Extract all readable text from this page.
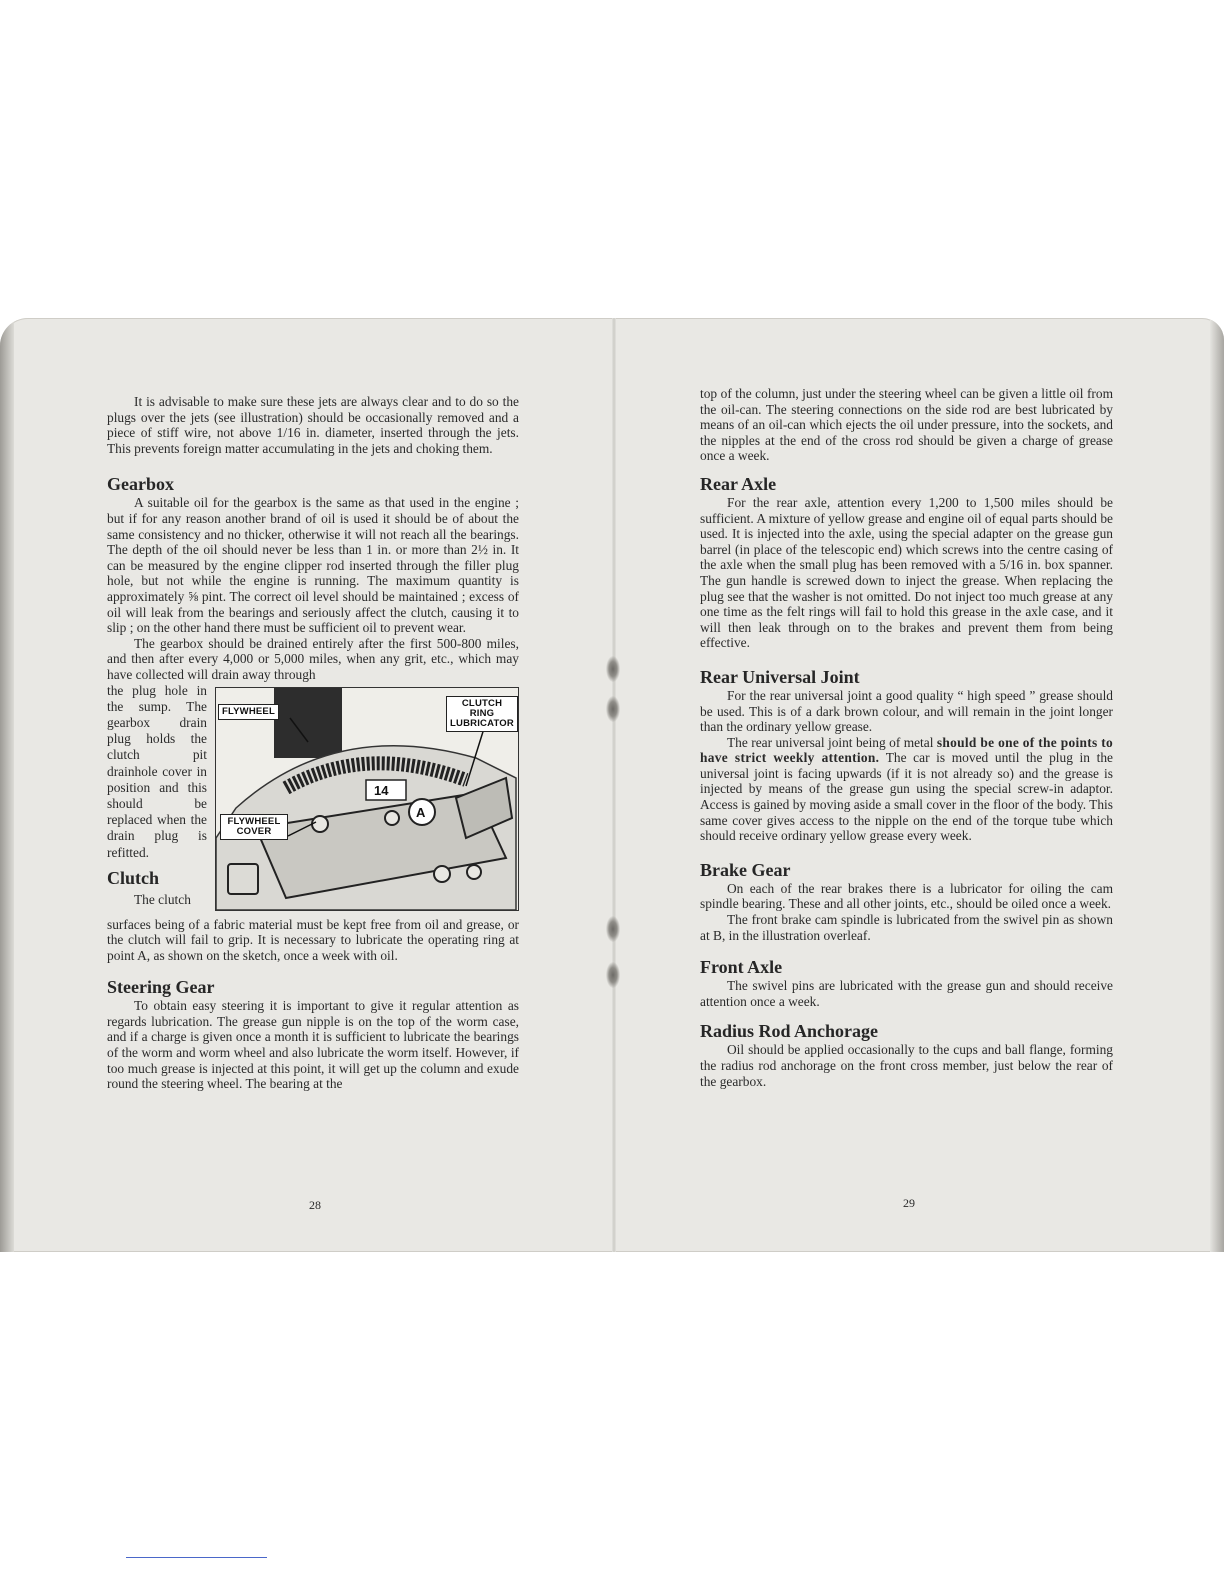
It is advisable to make sure these jets are always clear and to do so the plugs over the jets (see illustration) should be occasionally removed and a piece of stiff wire, not above 1/16 in. diameter, inserted through the jets. This prevents foreign matter accumulating in the jets and choking them.

Gearbox

A suitable oil for the gearbox is the same as that used in the engine ; but if for any reason another brand of oil is used it should be of about the same consistency and no thicker, otherwise it will not reach all the bearings. The depth of the oil should never be less than 1 in. or more than 2½ in. It can be measured by the engine clipper rod inserted through the filler plug hole, but not while the engine is running. The maximum quantity is approximately ⅝ pint. The correct oil level should be maintained ; excess of oil will leak from the bearings and seriously affect the clutch, causing it to slip ; on the other hand there must be sufficient oil to prevent wear.

The gearbox should be drained entirely after the first 500-800 miles, and then after every 4,000 or 5,000 miles, when any grit, etc., which may have collected will drain away through

14
A
FLYWHEEL
CLUTCH RING LUBRICATOR
FLYWHEEL COVER

the plug hole in the sump. The gearbox drain plug holds the clutch pit drainhole cover in position and this should be replaced when the drain plug is refitted.

Clutch

The clutch

surfaces being of a fabric material must be kept free from oil and grease, or the clutch will fail to grip. It is necessary to lubricate the operating ring at point A, as shown on the sketch, once a week with oil.

Steering Gear

To obtain easy steering it is important to give it regular attention as regards lubrication. The grease gun nipple is on the top of the worm case, and if a charge is given once a month it is sufficient to lubricate the bearings of the worm and worm wheel and also lubricate the worm itself. However, if too much grease is injected at this point, it will get up the column and exude round the steering wheel. The bearing at the

28

top of the column, just under the steering wheel can be given a little oil from the oil-can. The steering connections on the side rod are best lubricated by means of an oil-can which ejects the oil under pressure, into the sockets, and the nipples at the end of the cross rod should be given a charge of grease once a week.

Rear Axle

For the rear axle, attention every 1,200 to 1,500 miles should be sufficient. A mixture of yellow grease and engine oil of equal parts should be used. It is injected into the axle, using the special adapter on the grease gun barrel (in place of the telescopic end) which screws into the centre casing of the axle when the small plug has been removed with a 5/16 in. box spanner. The gun handle is screwed down to inject the grease. When replacing the plug see that the washer is not omitted. Do not inject too much grease at any one time as the felt rings will fail to hold this grease in the axle case, and it will then leak through on to the brakes and prevent them from being effective.

Rear Universal Joint

For the rear universal joint a good quality “ high speed ” grease should be used. This is of a dark brown colour, and will remain in the joint longer than the ordinary yellow grease.

The rear universal joint being of metal should be one of the points to have strict weekly attention. The car is moved until the plug in the universal joint is facing upwards (if it is not already so) and the grease is injected by means of the grease gun using the special screw-in adaptor. Access is gained by moving aside a small cover in the floor of the body. This same cover gives access to the nipple on the end of the torque tube which should receive ordinary yellow grease every week.

Brake Gear

On each of the rear brakes there is a lubricator for oiling the cam spindle bearing. These and all other joints, etc., should be oiled once a week.

The front brake cam spindle is lubricated from the swivel pin as shown at B, in the illustration overleaf.

Front Axle

The swivel pins are lubricated with the grease gun and should receive attention once a week.

Radius Rod Anchorage

Oil should be applied occasionally to the cups and ball flange, forming the radius rod anchorage on the front cross member, just below the rear of the gearbox.

29
